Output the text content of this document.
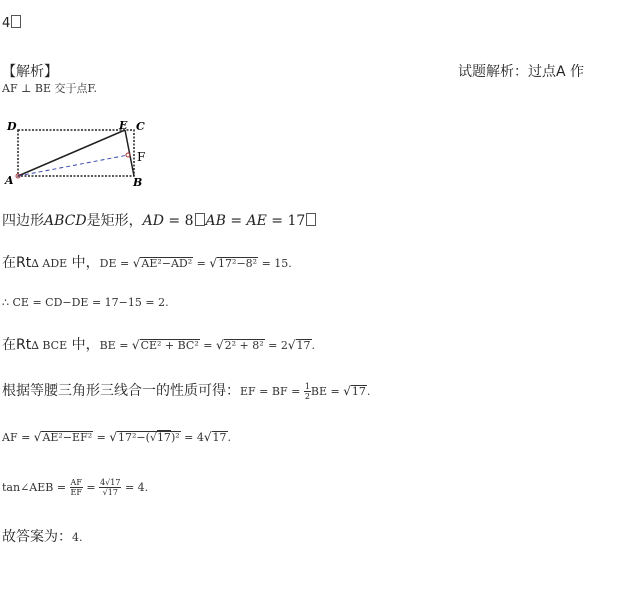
4
【解析】	试题解析：过点A 作
AF ⊥ BE 交于点F.
D	E C
F
A	B
四边形ABCD是矩形，AD = 8 AB = AE = 17
在Rt∆ ADE 中，DE = √AE²−AD² = √17²−8² = 15.
∴ CE = CD−DE = 17−15 = 2.
在Rt∆ BCE 中，BE = √CE² + BC² = √2² + 8² = 2√17.
根据等腰三角形三线合一的性质可得：EF = BF = $\frac{1}{2}$ BE = √17.
AF = √AE²−EF² = √17²−(√17)² = 4√17.
tan∠AEB = $\frac{AF}{EF} = \frac{4√17}{√17} = 4$.
故答案为：4.
